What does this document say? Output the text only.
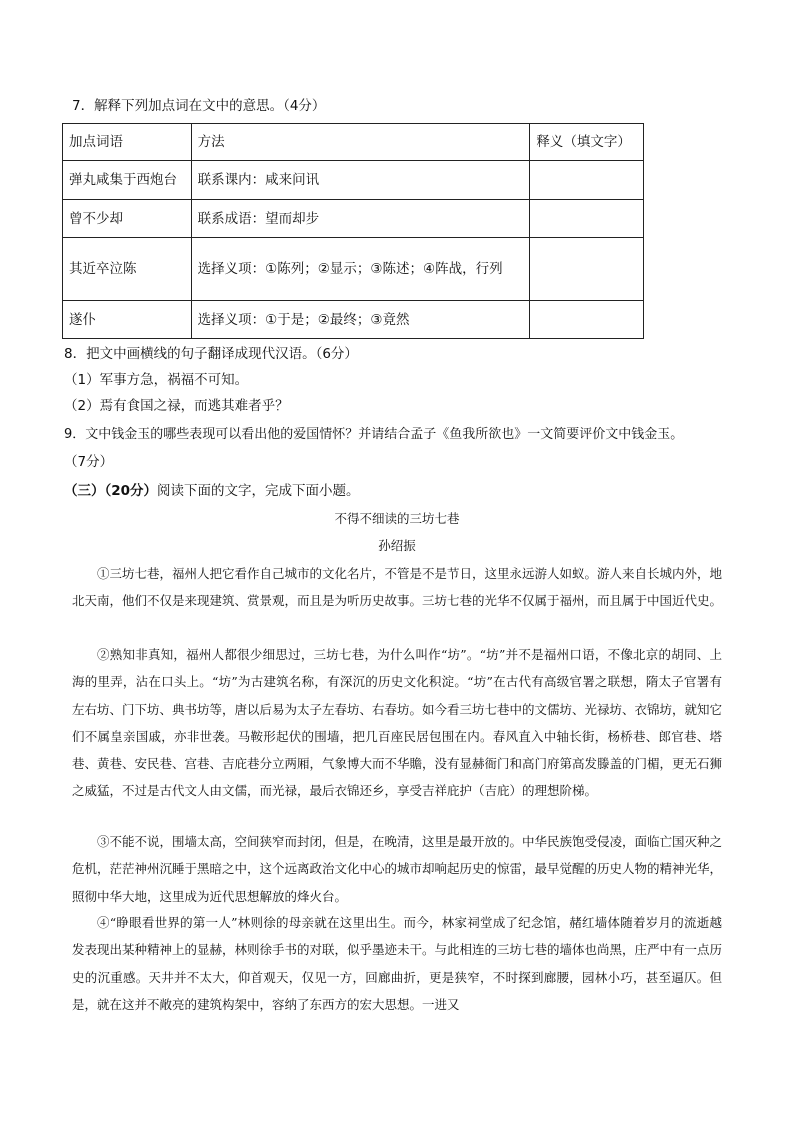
7．解释下列加点词在文中的意思。（4分）
加点词语	方法	释义（填文字）
弹丸咸集于西炮台	联系课内：咸来问讯	
曾不少却	联系成语：望而却步	
其近卒泣陈	选择义项：①陈列；②显示；③陈述；④阵战，行列	
遂仆	选择义项：①于是；②最终；③竟然	
8．把文中画横线的句子翻译成现代汉语。（6分）
（1）军事方急，祸福不可知。
（2）焉有食国之禄，而逃其难者乎？
9．文中钱金玉的哪些表现可以看出他的爱国情怀？并请结合孟子《鱼我所欲也》一文简要评价文中钱金玉。
（7分）
（三）（20分）阅读下面的文字，完成下面小题。
不得不细读的三坊七巷
孙绍振
①三坊七巷，福州人把它看作自己城市的文化名片，不管是不是节日，这里永远游人如蚁。游人来自长城内外，地北天南，他们不仅是来现建筑、赏景观，而且是为听历史故事。三坊七巷的光华不仅属于福州，而且属于中国近代史。
②熟知非真知，福州人都很少细思过，三坊七巷，为什么叫作“坊”。“坊”并不是福州口语，不像北京的胡同、上海的里弄，沾在口头上。“坊”为古建筑名称，有深沉的历史文化积淀。“坊”在古代有高级官署之联想，隋太子官署有左右坊、门下坊、典书坊等，唐以后易为太子左春坊、右春坊。如今看三坊七巷中的文儒坊、光禄坊、衣锦坊，就知它们不属皇亲国戚，亦非世袭。马鞍形起伏的围墙，把几百座民居包围在内。春风直入中轴长街，杨桥巷、郎官巷、塔巷、黄巷、安民巷、宫巷、吉庇巷分立两厢，气象博大而不华贍，没有显赫衙门和高门府第高发滕盖的门楣，更无石狮之威猛，不过是古代文人由文儒，而光禄，最后衣锦还乡，享受吉祥庇护（吉庇）的理想阶梯。
③不能不说，围墙太高，空间狭窄而封闭，但是，在晚清，这里是最开放的。中华民族饱受侵凌，面临亡国灭种之危机，茫茫神州沉睡于黑暗之中，这个远离政治文化中心的城市却响起历史的惊雷，最早觉醒的历史人物的精神光华，照彻中华大地，这里成为近代思想解放的烽火台。
④“睁眼看世界的第一人”林则徐的母亲就在这里出生。而今，林家祠堂成了纪念馆，赭红墙体随着岁月的流逝越发表现出某种精神上的显赫，林则徐手书的对联，似乎墨迹未干。与此相连的三坊七巷的墙体也尚黑，庄严中有一点历史的沉重感。天井并不太大，仰首观天，仅见一方，回廊曲折，更是狭窄，不时探到廊腰，园林小巧，甚至逼仄。但是，就在这并不敞亮的建筑构架中，容纳了东西方的宏大思想。一进又
